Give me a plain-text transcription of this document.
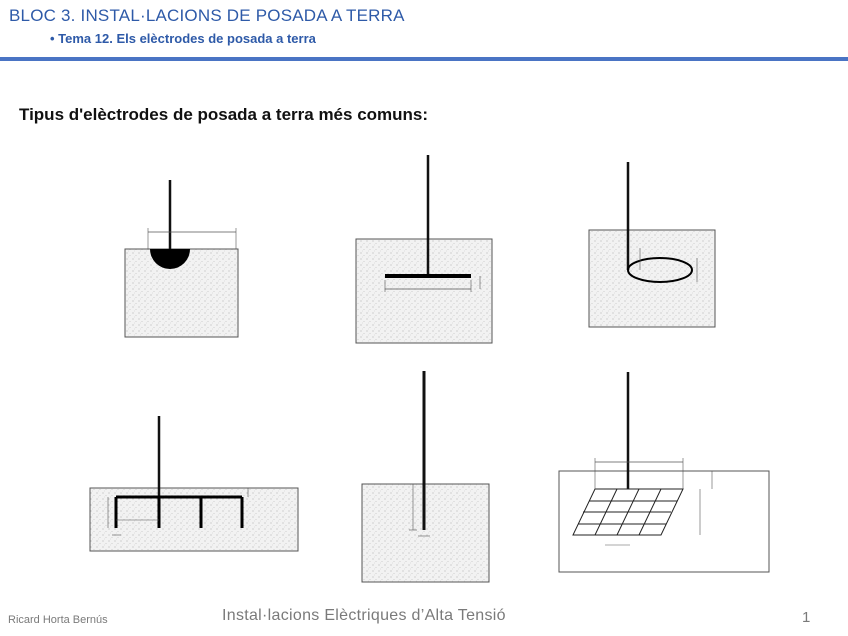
BLOC 3. INSTAL·LACIONS DE POSADA A TERRA
• Tema 12. Els elèctrodes de posada a terra
Tipus d'elèctrodes de posada a terra més comuns:
Ricard Horta Bernús	Instal·lacions Elèctriques d’Alta Tensió	1
